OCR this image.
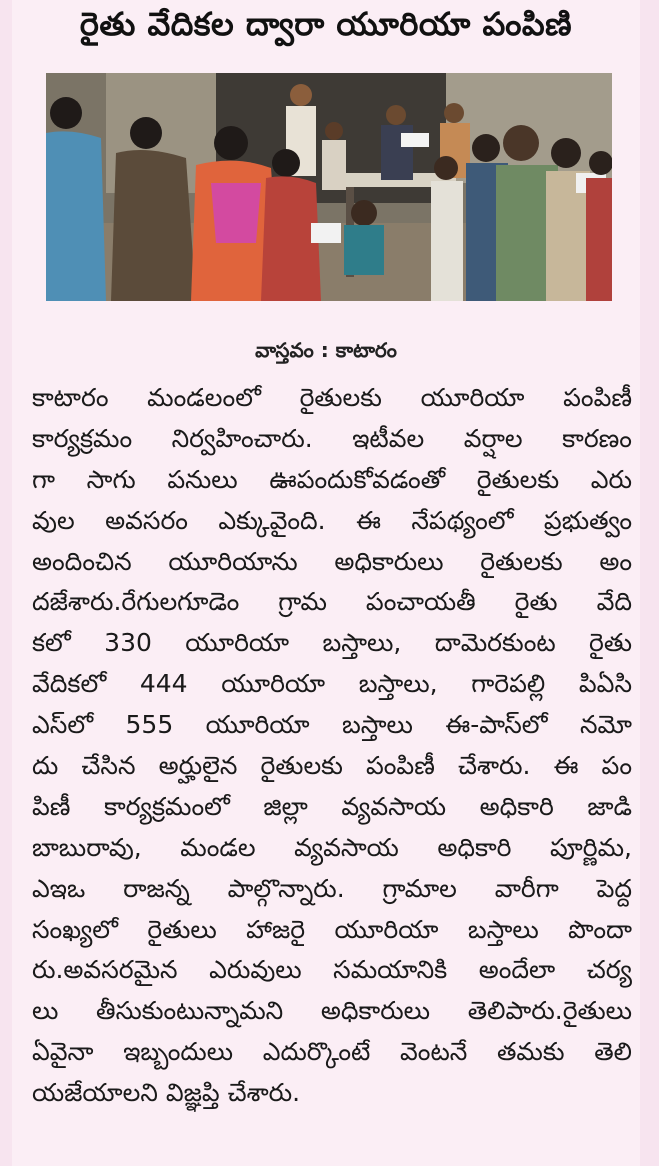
రైతు వేదికల ద్వారా యూరియా పంపిణి
వాస్తవం : కాటారం
కాటారం మండలంలో రైతులకు యూరియా పంపిణీ
కార్యక్రమం నిర్వహించారు. ఇటీవల వర్షాల కారణం
గా సాగు పనులు ఊపందుకోవడంతో రైతులకు ఎరు
వుల అవసరం ఎక్కువైంది. ఈ నేపథ్యంలో ప్రభుత్వం
అందించిన యూరియాను అధికారులు రైతులకు అం
దజేశారు.రేగులగూడెం గ్రామ పంచాయతీ రైతు వేది
కలో 330 యూరియా బస్తాలు, దామెరకుంట రైతు
వేదికలో 444 యూరియా బస్తాలు, గారెపల్లి పిఏసి
ఎస్‌లో 555 యూరియా బస్తాలు ఈ-పాస్‌లో నమో
దు చేసిన అర్హులైన రైతులకు పంపిణీ చేశారు. ఈ పం
పిణీ కార్యక్రమంలో జిల్లా వ్యవసాయ అధికారి జాడి
బాబురావు, మండల వ్యవసాయ అధికారి పూర్ణిమ,
ఎఇఒ రాజన్న పాల్గొన్నారు. గ్రామాల వారీగా పెద్ద
సంఖ్యలో రైతులు హాజరై యూరియా బస్తాలు పొందా
రు.అవసరమైన ఎరువులు సమయానికి అందేలా చర్య
లు తీసుకుంటున్నామని అధికారులు తెలిపారు.రైతులు
ఏవైనా ఇబ్బందులు ఎదుర్కొంటే వెంటనే తమకు తెలి
యజేయాలని విజ్ఞప్తి చేశారు.
